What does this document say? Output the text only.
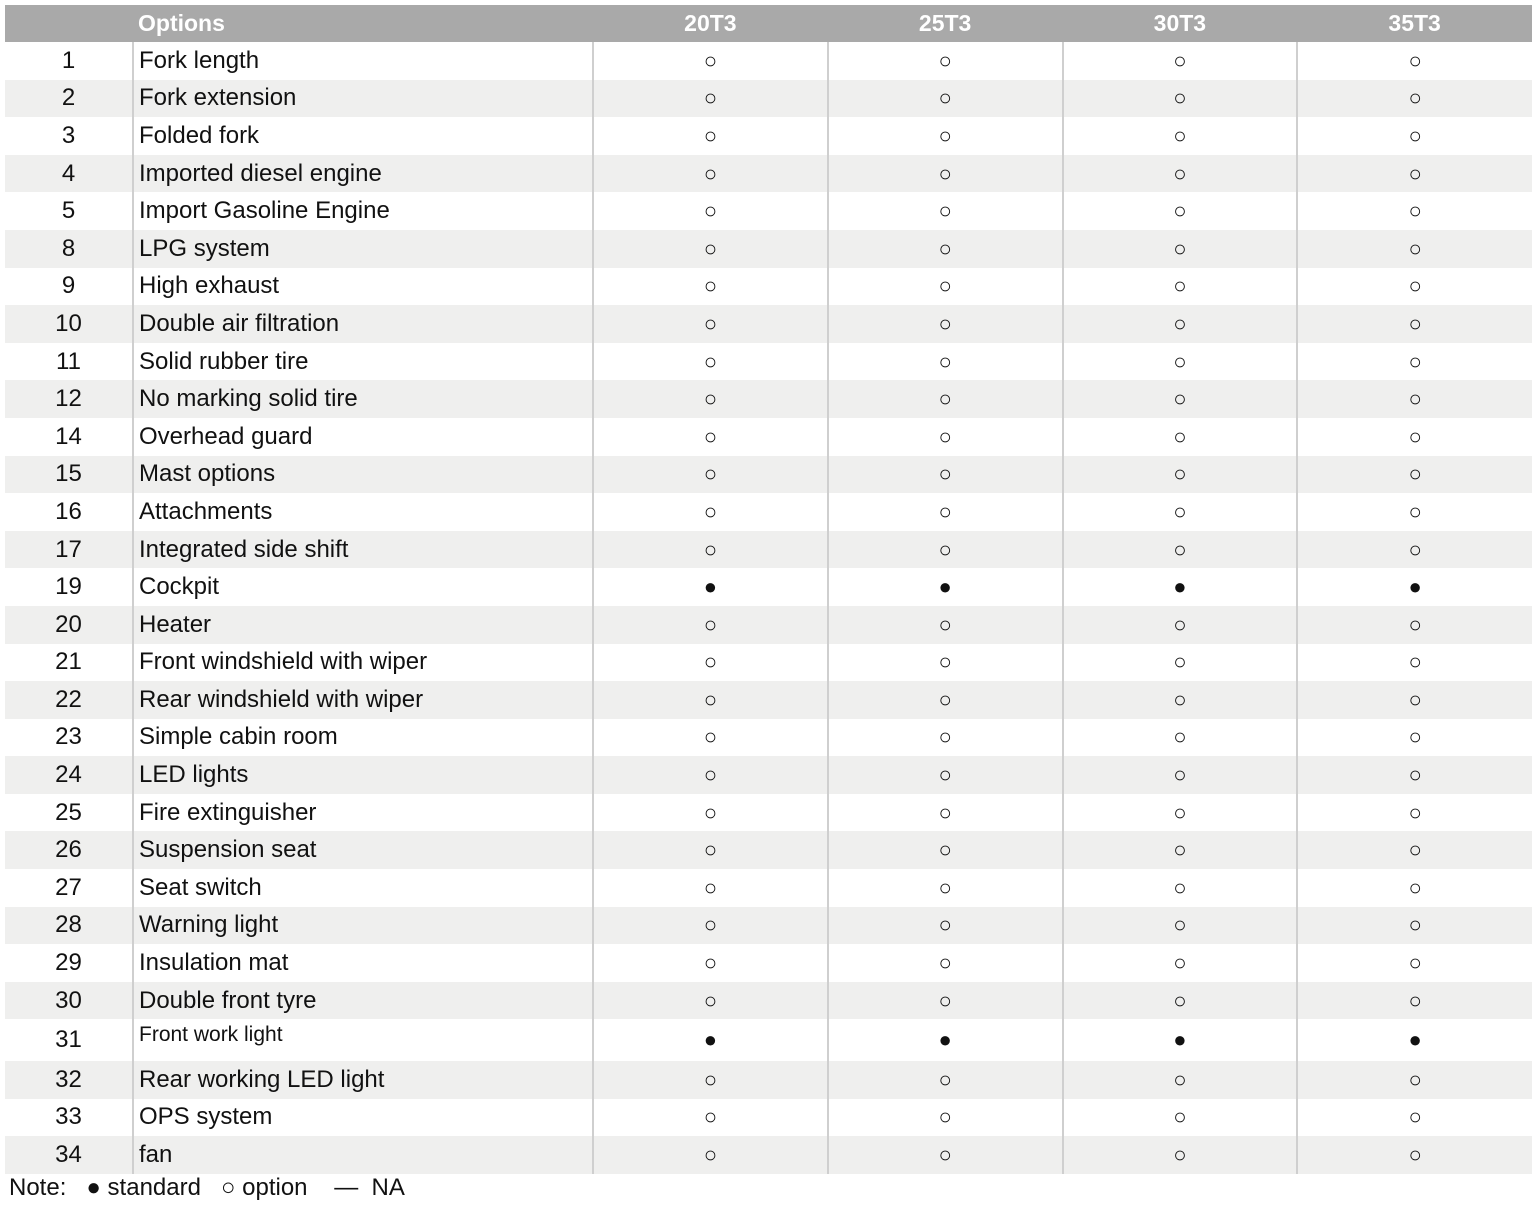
	Options	20T3	25T3	30T3	35T3
1	Fork length	○	○	○	○
2	Fork extension	○	○	○	○
3	Folded fork	○	○	○	○
4	Imported diesel engine	○	○	○	○
5	Import Gasoline Engine	○	○	○	○
8	LPG system	○	○	○	○
9	High exhaust	○	○	○	○
10	Double air filtration	○	○	○	○
11	Solid rubber tire	○	○	○	○
12	No marking solid tire	○	○	○	○
14	Overhead guard	○	○	○	○
15	Mast options	○	○	○	○
16	Attachments	○	○	○	○
17	Integrated side shift	○	○	○	○
19	Cockpit	●	●	●	●
20	Heater	○	○	○	○
21	Front windshield with wiper	○	○	○	○
22	Rear windshield with wiper	○	○	○	○
23	Simple cabin room	○	○	○	○
24	LED lights	○	○	○	○
25	Fire extinguisher	○	○	○	○
26	Suspension seat	○	○	○	○
27	Seat switch	○	○	○	○
28	Warning light	○	○	○	○
29	Insulation mat	○	○	○	○
30	Double front tyre	○	○	○	○
31	Front work light	●	●	●	●
32	Rear working LED light	○	○	○	○
33	OPS system	○	○	○	○
34	fan	○	○	○	○
Note: ● standard ○ option —  NA
